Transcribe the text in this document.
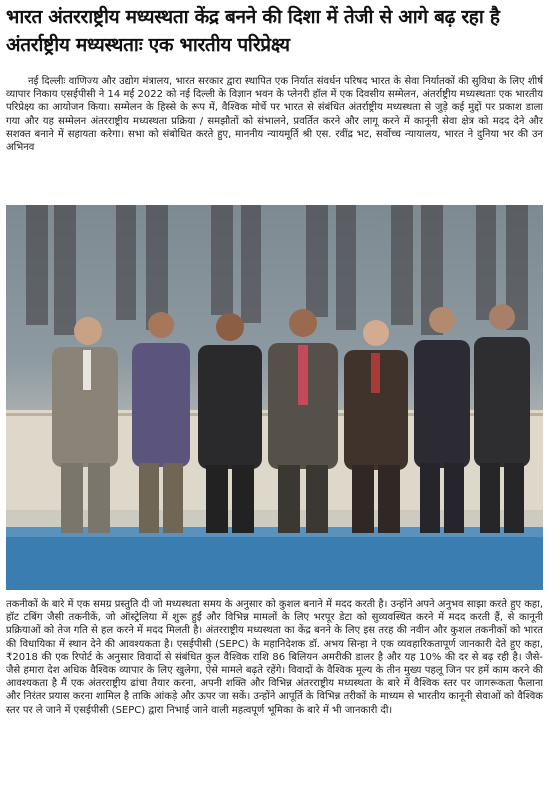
भारत अंतरराष्ट्रीय मध्यस्थता केंद्र बनने की दिशा में तेजी से आगे बढ़ रहा है अंतर्राष्ट्रीय मध्यस्थताः एक भारतीय परिप्रेक्ष्य

नई दिल्लीः वाणिज्य और उद्योग मंत्रालय, भारत सरकार द्वारा स्थापित एक निर्यात संवर्धन परिषद भारत के सेवा निर्यातकों की सुविधा के लिए शीर्ष व्यापार निकाय एसईपीसी ने 14 मई 2022 को नई दिल्ली के विज्ञान भवन के प्लेनरी हॉल में एक दिवसीय सम्मेलन, अंतर्राष्ट्रीय मध्यस्थताः एक भारतीय परिप्रेक्ष्य का आयोजन किया। सम्मेलन के हिस्से के रूप में, वैश्विक मोर्चे पर भारत से संबंधित अंतर्राष्ट्रीय मध्यस्थता से जुड़े कई मुद्दों पर प्रकाश डाला गया और यह सम्मेलन अंतरराष्ट्रीय मध्यस्थता प्रक्रिया / समझौतों को संभालने, प्रवर्तित करने और लागू करने में कानूनी सेवा क्षेत्र को मदद देने और सशक्त बनाने में सहायता करेगा। सभा को संबोधित करते हुए, माननीय न्यायमूर्ति श्री एस. रवींद्र भट, सर्वोच्च न्यायालय, भारत ने दुनिया भर की उन अभिनव

तकनीकों के बारे में एक समग्र प्रस्तुति दी जो मध्यस्थता समय के अनुसार को कुशल बनाने में मदद करती है। उन्होंने अपने अनुभव साझा करते हुए कहा, हॉट टबिंग जैसी तकनीकें, जो ऑस्ट्रेलिया में शुरू हुईं और विभिन्न मामलों के लिए भरपूर डेटा को सुव्यवस्थित करने में मदद करती हैं, से कानूनी प्रक्रियाओं को तेज गति से हल करने में मदद मिलती है। अंतरराष्ट्रीय मध्यस्थता का केंद्र बनने के लिए इस तरह की नवीन और कुशल तकनीकों को भारत की विधायिका में स्थान देने की आवश्यकता है। एसईपीसी (SEPC) के महानिदेशक डॉ. अभय सिन्हा ने एक व्यवहारिकतापूर्ण जानकारी देते हुए कहा, ₹2018 की एक रिपोर्ट के अनुसार विवादों से संबंधित कुल वैश्विक राशि 86 बिलियन अमरीकी डालर है और यह 10% की दर से बढ़ रही है। जैसे-जैसे हमारा देश अधिक वैश्विक व्यापार के लिए खुलेगा, ऐसे मामले बढ़ते रहेंगे। विवादों के वैश्विक मूल्य के तीन मुख्य पहलू जिन पर हमें काम करने की आवश्यकता है मैं एक अंतरराष्ट्रीय ढांचा तैयार करना, अपनी शक्ति और विभिन्न अंतरराष्ट्रीय मध्यस्थता के बारे में वैश्विक स्तर पर जागरूकता फैलाना और निरंतर प्रयास करना शामिल है ताकि आंकड़े और ऊपर जा सकें। उन्होंने आपूर्ति के विभिन्न तरीकों के माध्यम से भारतीय कानूनी सेवाओं को वैश्विक स्तर पर ले जाने में एसईपीसी (SEPC) द्वारा निभाई जाने वाली महत्वपूर्ण भूमिका के बारे में भी जानकारी दी।
